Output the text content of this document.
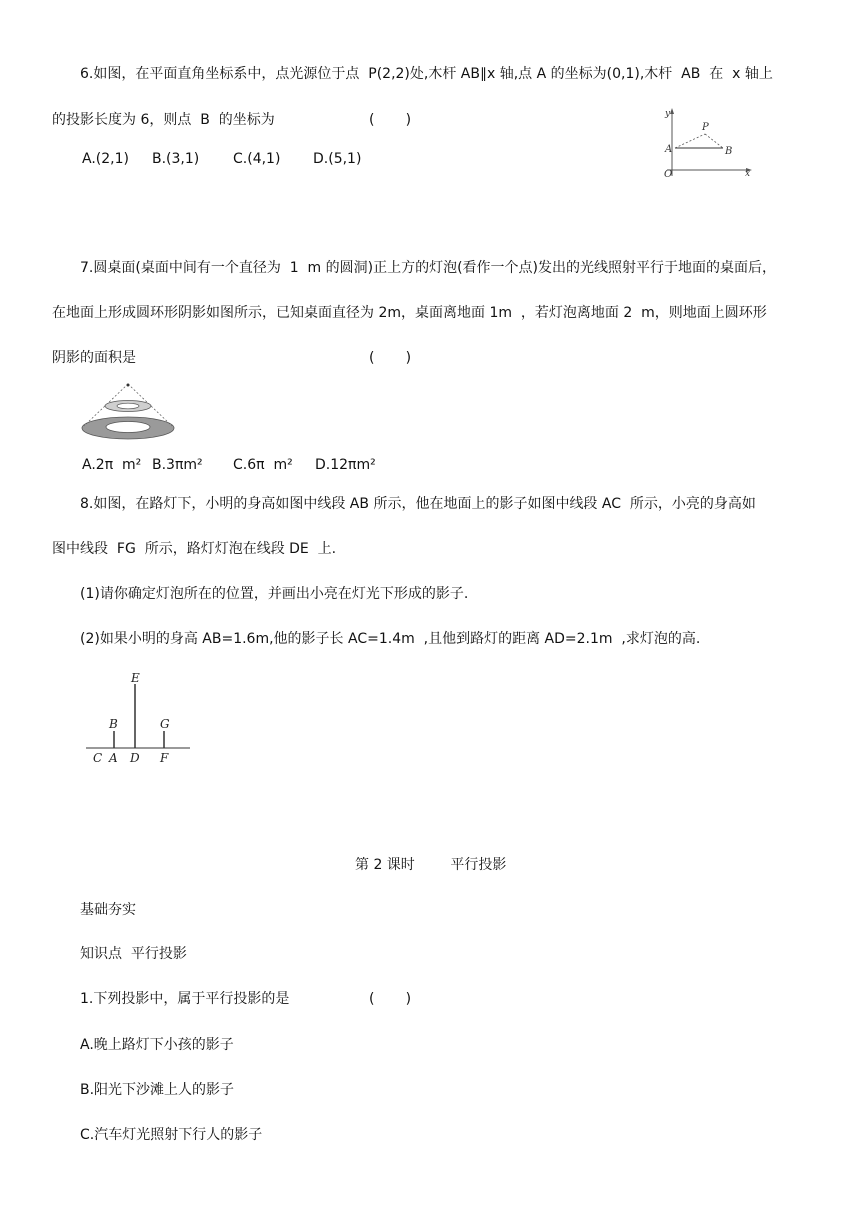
6.如图，在平面直角坐标系中，点光源位于点  P(2,2)处,木杆 AB∥x 轴,点 A 的坐标为(0,1),木杆  AB  在  x 轴上
的投影长度为 6，则点  B  的坐标为	(       )
A.(2,1) B.(3,1) C.(4,1) D.(5,1)
y
P
A	B
O	x
7.圆桌面(桌面中间有一个直径为  1  m 的圆洞)正上方的灯泡(看作一个点)发出的光线照射平行于地面的桌面后，
在地面上形成圆环形阴影如图所示，已知桌面直径为 2m，桌面离地面 1m  ，若灯泡离地面 2  m，则地面上圆环形
阴影的面积是	(       )
A.2π  m² B.3πm² C.6π  m² D.12πm²
8.如图，在路灯下，小明的身高如图中线段 AB 所示，他在地面上的影子如图中线段 AC  所示，小亮的身高如
图中线段  FG  所示，路灯灯泡在线段 DE  上.
(1)请你确定灯泡所在的位置，并画出小亮在灯光下形成的影子.
(2)如果小明的身高 AB=1.6m,他的影子长 AC=1.4m  ,且他到路灯的距离 AD=2.1m  ,求灯泡的高.
E
B	G
C A D F
第 2 课时        平行投影
基础夯实
知识点  平行投影
1.下列投影中，属于平行投影的是	(       )
A.晚上路灯下小孩的影子
B.阳光下沙滩上人的影子
C.汽车灯光照射下行人的影子
